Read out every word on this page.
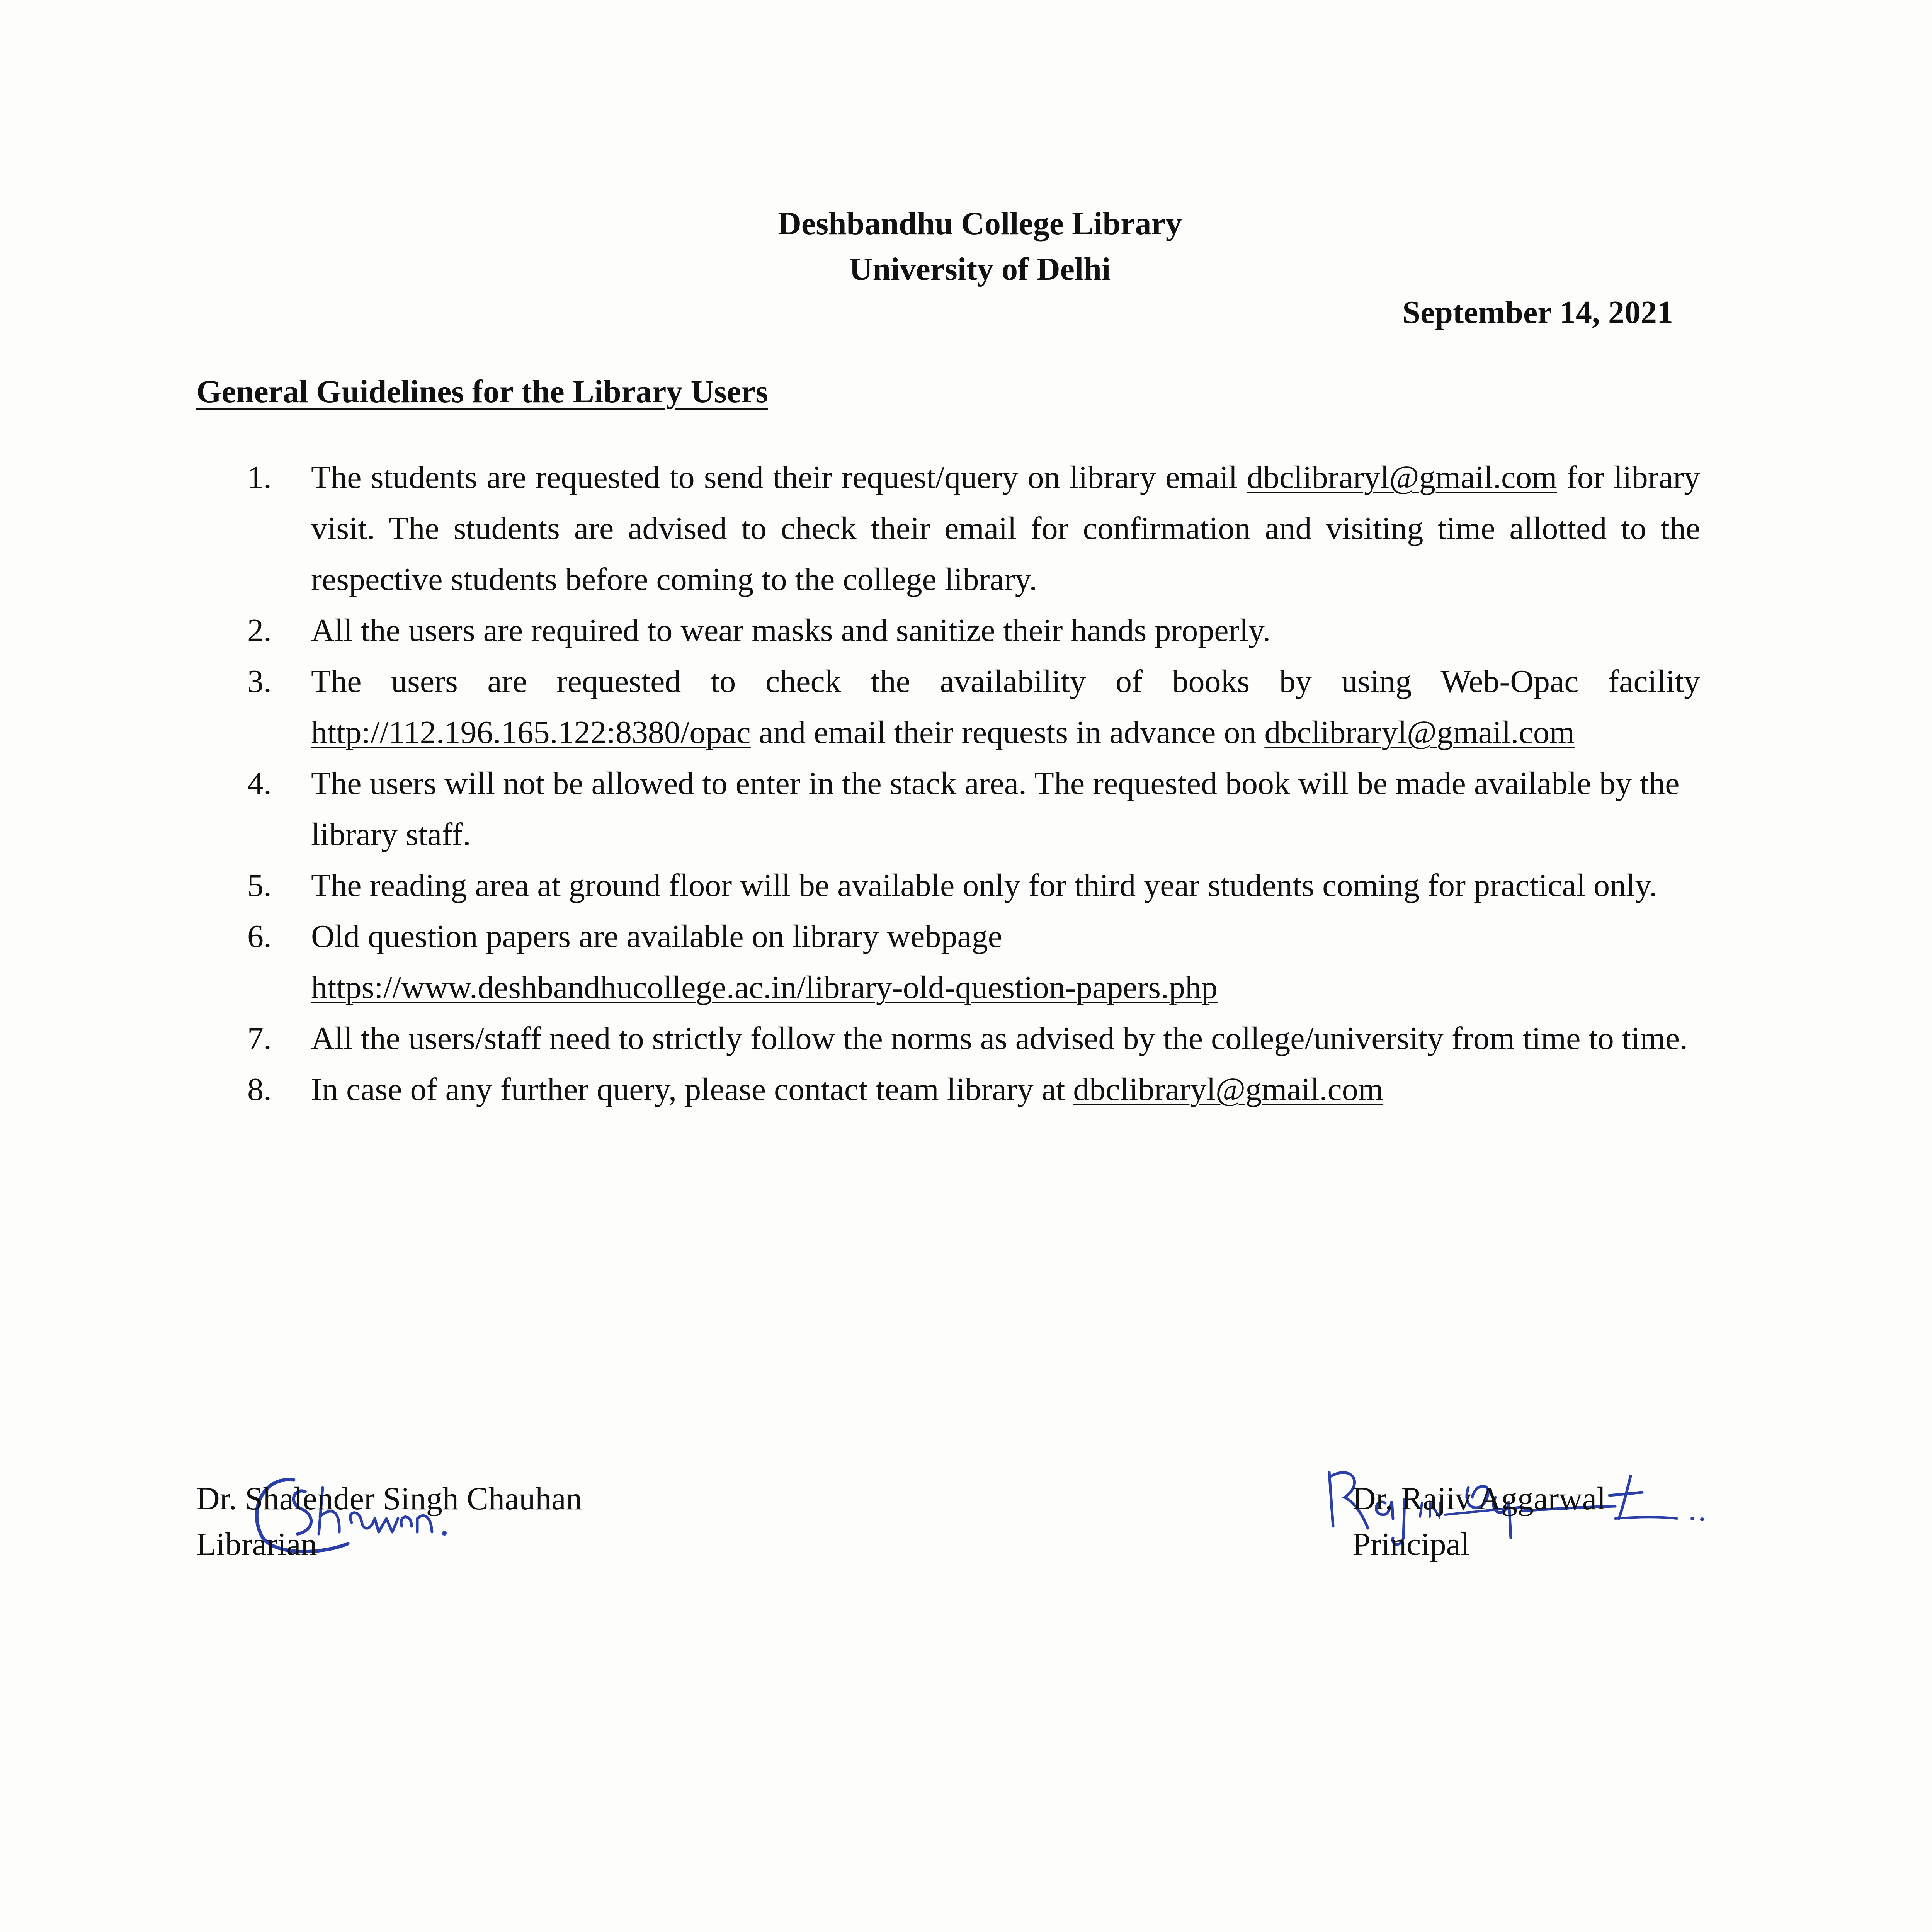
Deshbandhu College Library
University of Delhi
September 14, 2021
General Guidelines for the Library Users
1. The students are requested to send their request/query on library email dbclibraryl@gmail.com for library visit. The students are advised to check their email for confirmation and visiting time allotted to the respective students before coming to the college library.
2. All the users are required to wear masks and sanitize their hands properly.
3. The users are requested to check the availability of books by using Web-Opac facility http://112.196.165.122:8380/opac and email their requests in advance on dbclibraryl@gmail.com
4. The users will not be allowed to enter in the stack area. The requested book will be made available by the library staff.
5. The reading area at ground floor will be available only for third year students coming for practical only.
6. Old question papers are available on library webpage
https://www.deshbandhucollege.ac.in/library-old-question-papers.php
7. All the users/staff need to strictly follow the norms as advised by the college/university from time to time.
8. In case of any further query, please contact team library at dbclibraryl@gmail.com
Dr. Shalender Singh Chauhan
Librarian
Dr. Rajiv Aggarwal
Principal
